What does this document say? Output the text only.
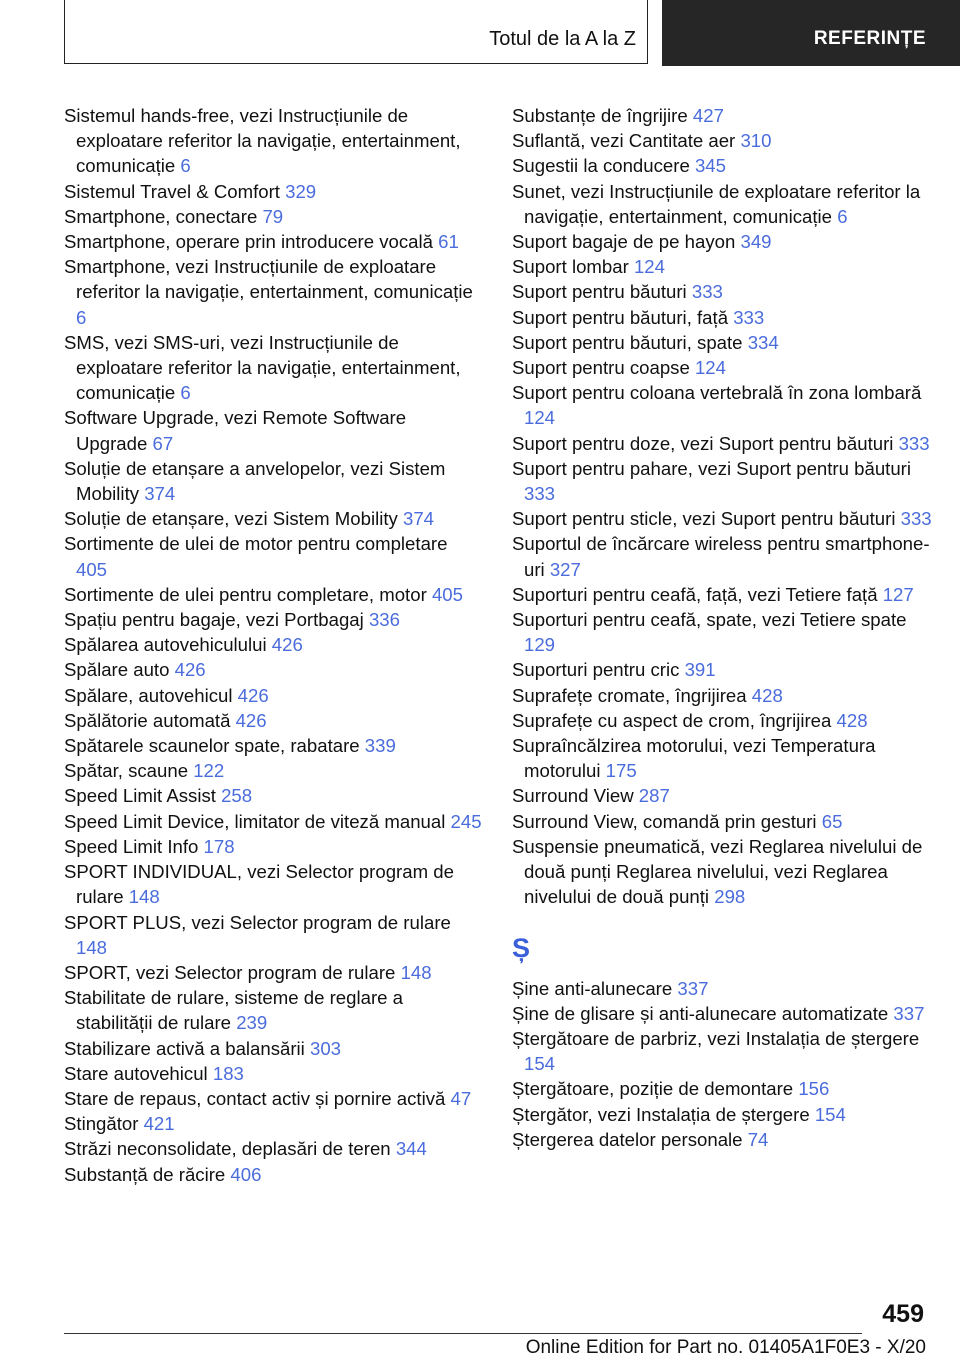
Totul de la A la Z	REFERINȚE
Sistemul hands-free, vezi Instrucțiunile de exploatare referitor la navigație, entertainment, comunicație 6
Sistemul Travel & Comfort 329
Smartphone, conectare 79
Smartphone, operare prin introducere vocală 61
Smartphone, vezi Instrucțiunile de exploatare referitor la navigație, entertainment, comunicație 6
SMS, vezi SMS-uri, vezi Instrucțiunile de exploatare referitor la navigație, entertainment, comunicație 6
Software Upgrade, vezi Remote Software Upgrade 67
Soluție de etanșare a anvelopelor, vezi Sistem Mobility 374
Soluție de etanșare, vezi Sistem Mobility 374
Sortimente de ulei de motor pentru completare 405
Sortimente de ulei pentru completare, motor 405
Spațiu pentru bagaje, vezi Portbagaj 336
Spălarea autovehiculului 426
Spălare auto 426
Spălare, autovehicul 426
Spălătorie automată 426
Spătarele scaunelor spate, rabatare 339
Spătar, scaune 122
Speed Limit Assist 258
Speed Limit Device, limitator de viteză manual 245
Speed Limit Info 178
SPORT INDIVIDUAL, vezi Selector program de rulare 148
SPORT PLUS, vezi Selector program de rulare 148
SPORT, vezi Selector program de rulare 148
Stabilitate de rulare, sisteme de reglare a stabilității de rulare 239
Stabilizare activă a balansării 303
Stare autovehicul 183
Stare de repaus, contact activ și pornire activă 47
Stingător 421
Străzi neconsolidate, deplasări de teren 344
Substanță de răcire 406
Substanțe de îngrijire 427
Suflantă, vezi Cantitate aer 310
Sugestii la conducere 345
Sunet, vezi Instrucțiunile de exploatare referitor la navigație, entertainment, comunicație 6
Suport bagaje de pe hayon 349
Suport lombar 124
Suport pentru băuturi 333
Suport pentru băuturi, față 333
Suport pentru băuturi, spate 334
Suport pentru coapse 124
Suport pentru coloana vertebrală în zona lombară 124
Suport pentru doze, vezi Suport pentru băuturi 333
Suport pentru pahare, vezi Suport pentru băuturi 333
Suport pentru sticle, vezi Suport pentru băuturi 333
Suportul de încărcare wireless pentru smartphone-uri 327
Suporturi pentru ceafă, față, vezi Tetiere față 127
Suporturi pentru ceafă, spate, vezi Tetiere spate 129
Suporturi pentru cric 391
Suprafețe cromate, îngrijirea 428
Suprafețe cu aspect de crom, îngrijirea 428
Supraîncălzirea motorului, vezi Temperatura motorului 175
Surround View 287
Surround View, comandă prin gesturi 65
Suspensie pneumatică, vezi Reglarea nivelului de două punți Reglarea nivelului, vezi Reglarea nivelului de două punți 298
Ș
Șine anti-alunecare 337
Șine de glisare și anti-alunecare automatizate 337
Ștergătoare de parbriz, vezi Instalația de ștergere 154
Ștergătoare, poziție de demontare 156
Ștergător, vezi Instalația de ștergere 154
Ștergerea datelor personale 74
459
Online Edition for Part no. 01405A1F0E3 - X/20
